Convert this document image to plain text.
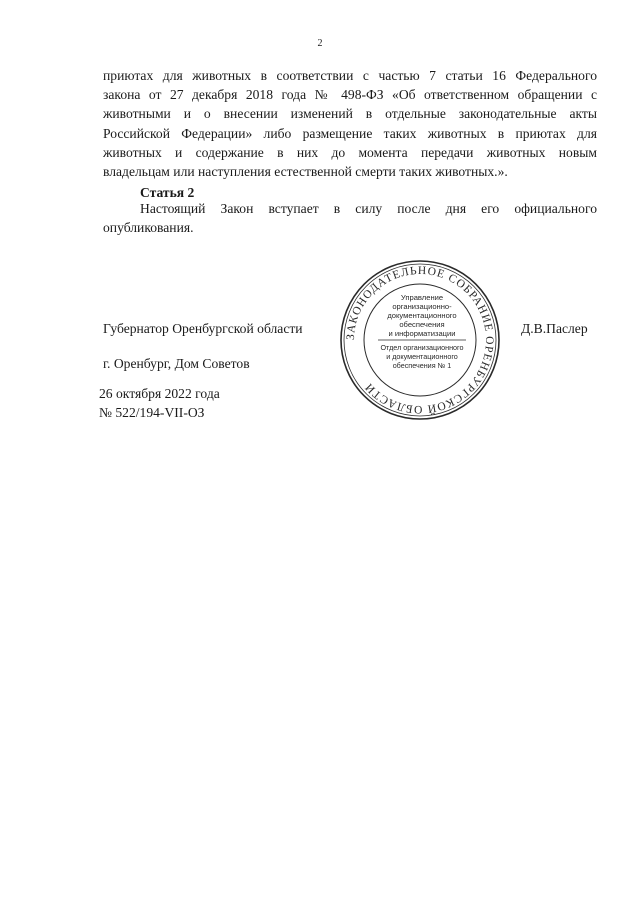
2
приютах для животных в соответствии с частью 7 статьи 16 Федерального
закона от 27 декабря 2018 года № 498-ФЗ «Об ответственном обращении с
животными и о внесении изменений в отдельные законодательные акты
Российской Федерации» либо размещение таких животных в приютах для
животных и содержание в них до момента передачи животных новым
владельцам или наступления естественной смерти таких животных.».
Статья 2
Настоящий Закон вступает в силу после дня его официального
опубликования.
Губернатор Оренбургской области	Д.В.Паслер
ЗАКОНОДАТЕЛЬНОЕ СОБРАНИЕ ОРЕНБУРГСКОЙ ОБЛАСТИ
Управление
организационно-
документационного
обеспечения
и информатизации
Отдел организационного
и документационного
обеспечения № 1
г. Оренбург, Дом Советов
26 октября 2022 года
№ 522/194-VII-ОЗ
